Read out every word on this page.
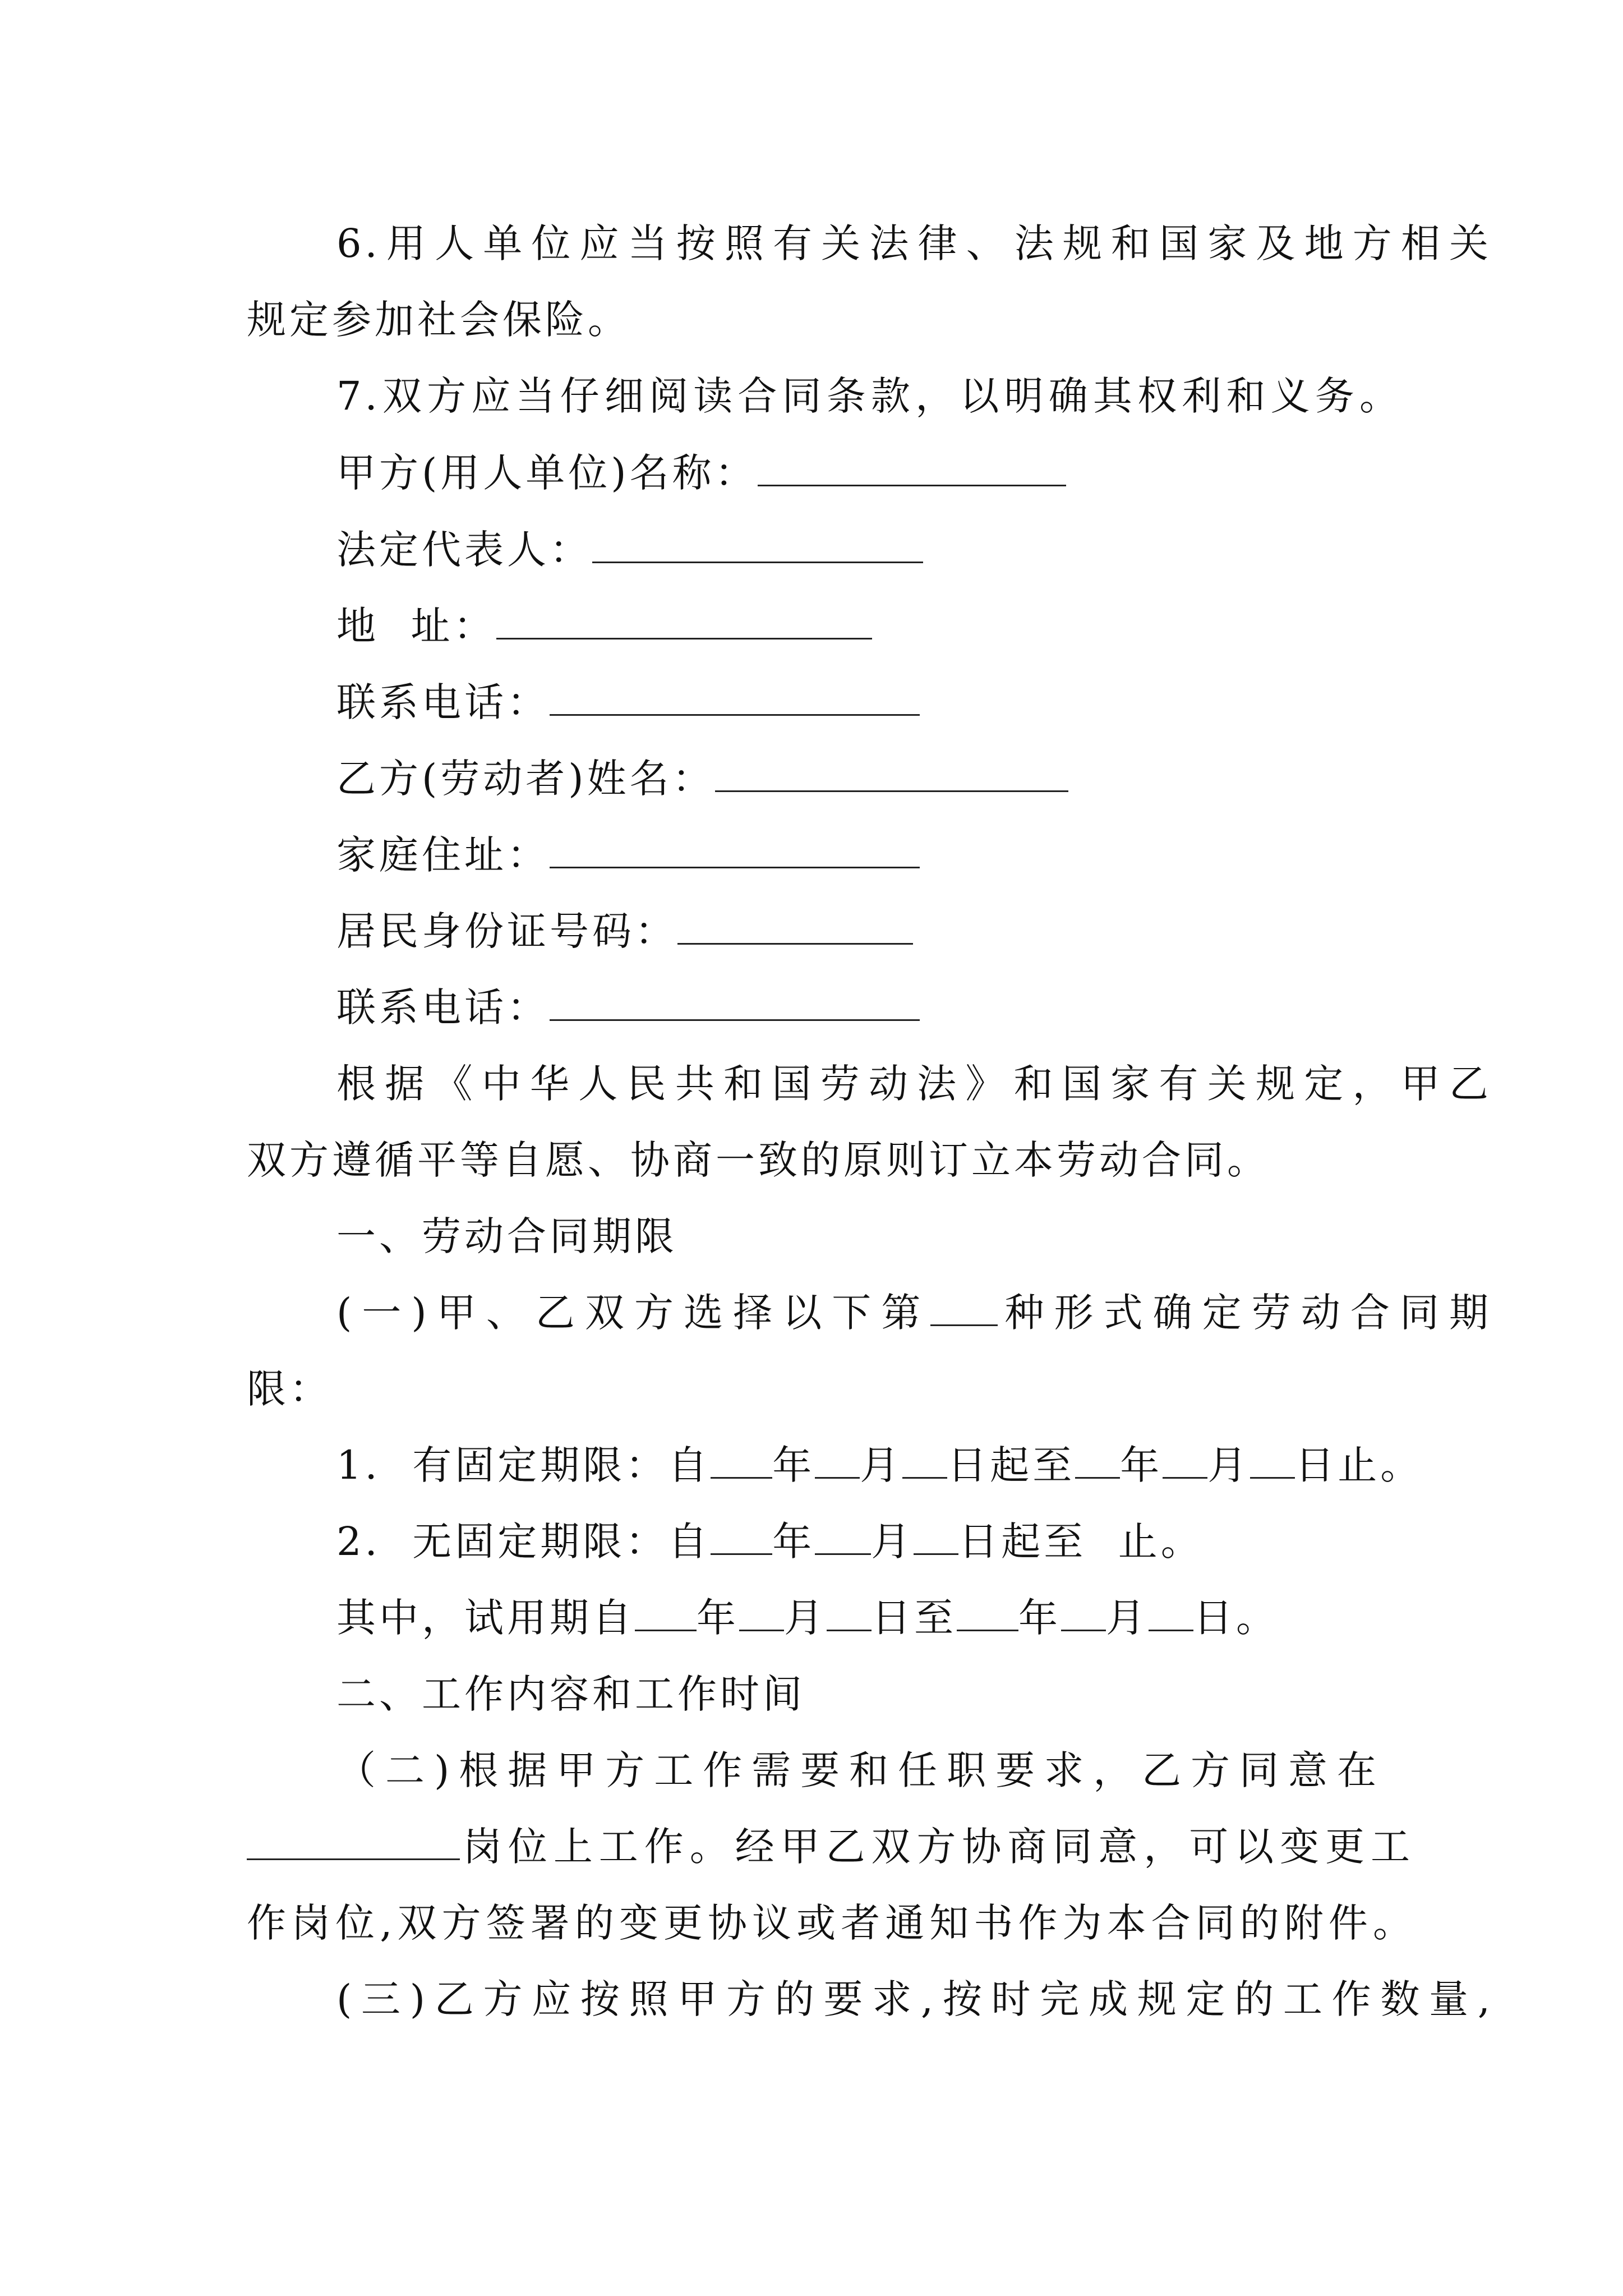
6.用人单位应当按照有关法律、法规和国家及地方相关
规定参加社会保险。
7.双方应当仔细阅读合同条款，以明确其权利和义务。
甲方(用人单位)名称：
法定代表人：
地  址：
联系电话：
乙方(劳动者)姓名：
家庭住址：
居民身份证号码：
联系电话：
根据《中华人民共和国劳动法》和国家有关规定，甲乙
双方遵循平等自愿、协商一致的原则订立本劳动合同。
一、劳动合同期限
(一)甲、乙双方选择以下第 种形式确定劳动合同期
限：
1.  有固定期限：自 年 月 日起至 年 月 日止。
2.  无固定期限：自 年 月 日起至  止。
其中，试用期自 年 月 日至 年 月 日。
二、工作内容和工作时间
（二)根据甲方工作需要和任职要求，乙方同意在
岗位上工作。经甲乙双方协商同意，可以变更工
作岗位,双方签署的变更协议或者通知书作为本合同的附件。
(三)乙方应按照甲方的要求,按时完成规定的工作数量,
